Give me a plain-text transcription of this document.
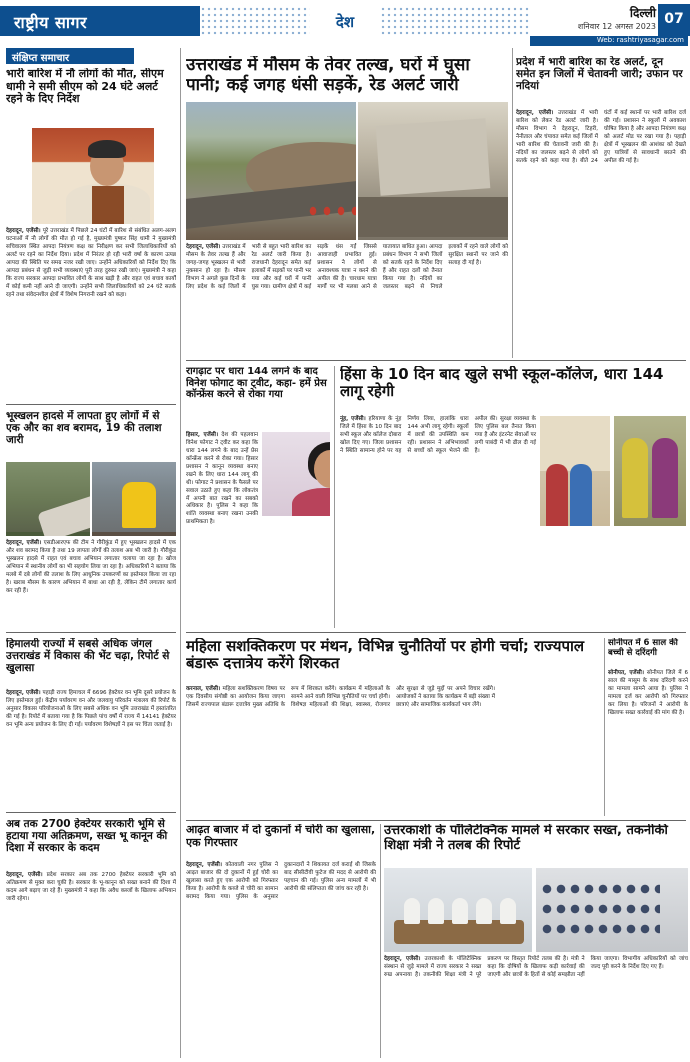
राष्ट्रीय सागर	देश	दिल्ली
शनिवार 12 अगस्त 2023 07
Web: rashtriyasagar.com
संक्षिप्त समाचार
भारी बारिश में नौ लोगों की मौत, सीएम धामी ने समी सीएम को 24 घंटे अलर्ट रहने के दिए निर्देश
देहरादून, एजेंसी। पूरे उत्तराखंड में पिछले 24 घंटों में बारिश से संबंधित अलग-अलग घटनाओं में नौ लोगों की मौत हो गई है, मुख्यमंत्री पुष्कर सिंह धामी ने मुख्यमंत्री सचिवालय स्थित आपदा नियंत्रण कक्ष का निरीक्षण कर सभी जिलाधिकारियों को अलर्ट पर रहने का निर्देश दिया। प्रदेश में निरंतर हो रही भारी वर्षा के कारण उत्पन्न आपदा की स्थिति पर समग्र नजर रखी जाए। उन्होंने अधिकारियों को निर्देश दिए कि आपदा प्रबंधन से जुड़ी सभी व्यवस्थाएं पूरी तरह दुरुस्त रखी जाएं। मुख्यमंत्री ने कहा कि राज्य सरकार आपदा प्रभावित लोगों के साथ खड़ी है और राहत एवं बचाव कार्यों में कोई कमी नहीं आने दी जाएगी। उन्होंने सभी जिलाधिकारियों को 24 घंटे सतर्क रहने तथा संवेदनशील क्षेत्रों में विशेष निगरानी रखने को कहा।
भूस्खलन हादसे में लापता हुए लोगों में से एक और का शव बरामद, 19 की तलाश जारी
देहरादून, एजेंसी। एसडीआरएफ की टीम ने गौरीकुंड में हुए भूस्खलन हादसे में एक और शव बरामद किया है तथा 19 लापता लोगों की तलाश अब भी जारी है। गौरीकुंड भूस्खलन हादसे में राहत एवं बचाव अभियान लगातार चलाया जा रहा है। खोज अभियान में स्थानीय लोगों का भी सहयोग लिया जा रहा है। अधिकारियों ने बताया कि मलबे में दबे लोगों की तलाश के लिए आधुनिक उपकरणों का इस्तेमाल किया जा रहा है। खराब मौसम के कारण अभियान में बाधा आ रही है, लेकिन टीमें लगातार कार्य कर रही हैं।
हिमालयी राज्यों में सबसे अधिक जंगल उत्तराखंड में विकास की भेंट चढ़ा, रिपोर्ट से खुलासा
देहरादून, एजेंसी। पहाड़ी राज्य हिमाचल में 6696 हेक्टेयर वन भूमि दूसरे प्रयोजन के लिए इस्तेमाल हुई। केंद्रीय पर्यावरण वन और जलवायु परिवर्तन मंत्रालय की रिपोर्ट के अनुसार विकास परियोजनाओं के लिए सबसे अधिक वन भूमि उत्तराखंड में हस्तांतरित की गई है। रिपोर्ट में बताया गया है कि पिछले पांच वर्षों में राज्य में 14141 हेक्टेयर वन भूमि अन्य प्रयोजन के लिए दी गई। पर्यावरण विशेषज्ञों ने इस पर चिंता जताई है।
अब तक 2700 हेक्टेयर सरकारी भूमि से हटाया गया अतिक्रमण, सख्त भू कानून की दिशा में सरकार के कदम
देहरादून, एजेंसी। प्रदेश सरकार अब तक 2700 हेक्टेयर सरकारी भूमि को अतिक्रमण से मुक्त करा चुकी है। सरकार के भू-कानून को सख्त बनाने की दिशा में कदम आगे बढ़ाए जा रहे हैं। मुख्यमंत्री ने कहा कि अवैध कब्जों के खिलाफ अभियान जारी रहेगा।
उत्तराखंड में मौसम के तेवर तल्ख, घरों में घुसा पानी; कई जगह धंसी सड़कें, रेड अलर्ट जारी
देहरादून, एजेंसी। उत्तराखंड में मौसम के तेवर तल्ख हैं और जगह-जगह भूस्खलन से भारी नुकसान हो रहा है। मौसम विभाग ने अगले कुछ दिनों के लिए प्रदेश के कई जिलों में भारी से बहुत भारी बारिश का रेड अलर्ट जारी किया है। राजधानी देहरादून समेत कई इलाकों में सड़कों पर पानी भर गया और कई घरों में पानी घुस गया। ग्रामीण क्षेत्रों में कई सड़कें धंस गईं जिससे आवाजाही प्रभावित हुई। प्रशासन ने लोगों से अनावश्यक यात्रा न करने की अपील की है। चारधाम यात्रा मार्गों पर भी मलबा आने से यातायात बाधित हुआ। आपदा प्रबंधन विभाग ने सभी जिलों को सतर्क रहने के निर्देश दिए हैं और राहत दलों को तैनात किया गया है। नदियों का जलस्तर बढ़ने से निचले इलाकों में रहने वाले लोगों को सुरक्षित स्थानों पर जाने की सलाह दी गई है।
प्रदेश में भारी बारिश का रेड अलर्ट, दून समेत इन जिलों में चेतावनी जारी; उफान पर नदियां
देहरादून, एजेंसी। उत्तराखंड में भारी बारिश को लेकर रेड अलर्ट जारी है। मौसम विभाग ने देहरादून, टिहरी, नैनीताल और चंपावत समेत कई जिलों में भारी बारिश की चेतावनी जारी की है। नदियों का जलस्तर बढ़ने से लोगों को सतर्क रहने को कहा गया है। बीते 24 घंटों में कई स्थानों पर भारी बारिश दर्ज की गई। प्रशासन ने स्कूलों में अवकाश घोषित किया है और आपदा नियंत्रण कक्ष को अलर्ट मोड पर रखा गया है। पहाड़ी क्षेत्रों में भूस्खलन की आशंका को देखते हुए यात्रियों से सावधानी बरतने की अपील की गई है।
रागढ़ाट पर धारा 144 लगने के बाद विनेश फोगाट का ट्वीट, कहा- हमें प्रेस कॉन्फ्रेंस करने से रोका गया
हिसार, एजेंसी। देश की पहलवान विनेश फोगाट ने ट्वीट कर कहा कि धारा 144 लगने के बाद उन्हें प्रेस कॉन्फ्रेंस करने से रोका गया। हिसार प्रशासन ने कानून व्यवस्था बनाए रखने के लिए धारा 144 लागू की थी। फोगाट ने प्रशासन के फैसले पर सवाल उठाते हुए कहा कि लोकतंत्र में अपनी बात रखने का सबको अधिकार है। पुलिस ने कहा कि शांति व्यवस्था बनाए रखना उनकी प्राथमिकता है।
हिंसा के 10 दिन बाद खुले सभी स्कूल-कॉलेज, धारा 144 लागू रहेगी
नूंह, एजेंसी। हरियाणा के नूंह जिले में हिंसा के 10 दिन बाद सभी स्कूल और कॉलेज दोबारा खोल दिए गए। जिला प्रशासन ने स्थिति सामान्य होने पर यह निर्णय लिया, हालांकि धारा 144 अभी लागू रहेगी। स्कूलों में छात्रों की उपस्थिति कम रही। प्रशासन ने अभिभावकों से बच्चों को स्कूल भेजने की अपील की। सुरक्षा व्यवस्था के लिए पुलिस बल तैनात किया गया है और इंटरनेट सेवाओं पर लगी पाबंदी में भी ढील दी गई है।
महिला सशक्तिकरण पर मंथन, विभिन्न चुनौतियों पर होगी चर्चा; राज्यपाल बंडारू दत्तात्रेय करेंगे शिरकत
करनाल, एजेंसी। महिला सशक्तिकरण विषय पर एक दिवसीय संगोष्ठी का आयोजन किया जाएगा जिसमें राज्यपाल बंडारू दत्तात्रेय मुख्य अतिथि के रूप में शिरकत करेंगे। कार्यक्रम में महिलाओं के सामने आने वाली विभिन्न चुनौतियों पर चर्चा होगी। विशेषज्ञ महिलाओं की शिक्षा, स्वास्थ्य, रोजगार और सुरक्षा से जुड़े मुद्दों पर अपने विचार रखेंगे। आयोजकों ने बताया कि कार्यक्रम में बड़ी संख्या में छात्राएं और सामाजिक कार्यकर्ता भाग लेंगे।
सोनीपत में 6 साल की बच्ची से दरिंदगी
सोनीपत, एजेंसी। सोनीपत जिले में 6 साल की मासूम के साथ दरिंदगी करने का मामला सामने आया है। पुलिस ने मामला दर्ज कर आरोपी को गिरफ्तार कर लिया है। परिजनों ने आरोपी के खिलाफ सख्त कार्रवाई की मांग की है।
आढ़त बाजार में दो दुकानों में चोरी का खुलासा, एक गिरफ्तार
देहरादून, एजेंसी। कोतवाली नगर पुलिस ने आढ़त बाजार की दो दुकानों में हुई चोरी का खुलासा करते हुए एक आरोपी को गिरफ्तार किया है। आरोपी के कब्जे से चोरी का सामान बरामद किया गया। पुलिस के अनुसार दुकानदारों ने शिकायत दर्ज कराई थी जिसके बाद सीसीटीवी फुटेज की मदद से आरोपी की पहचान की गई। पुलिस अन्य मामलों में भी आरोपी की संलिप्तता की जांच कर रही है।
उत्तरकाशी के पॉलिटेक्निक मामले में सरकार सख्त, तकनीकी शिक्षा मंत्री ने तलब की रिपोर्ट
देहरादून, एजेंसी। उत्तरकाशी के पॉलिटेक्निक संस्थान से जुड़े मामले में राज्य सरकार ने सख्त रुख अपनाया है। तकनीकी शिक्षा मंत्री ने पूरे प्रकरण पर विस्तृत रिपोर्ट तलब की है। मंत्री ने कहा कि दोषियों के खिलाफ कड़ी कार्रवाई की जाएगी और छात्रों के हितों से कोई समझौता नहीं किया जाएगा। विभागीय अधिकारियों को जांच जल्द पूरी करने के निर्देश दिए गए हैं।
